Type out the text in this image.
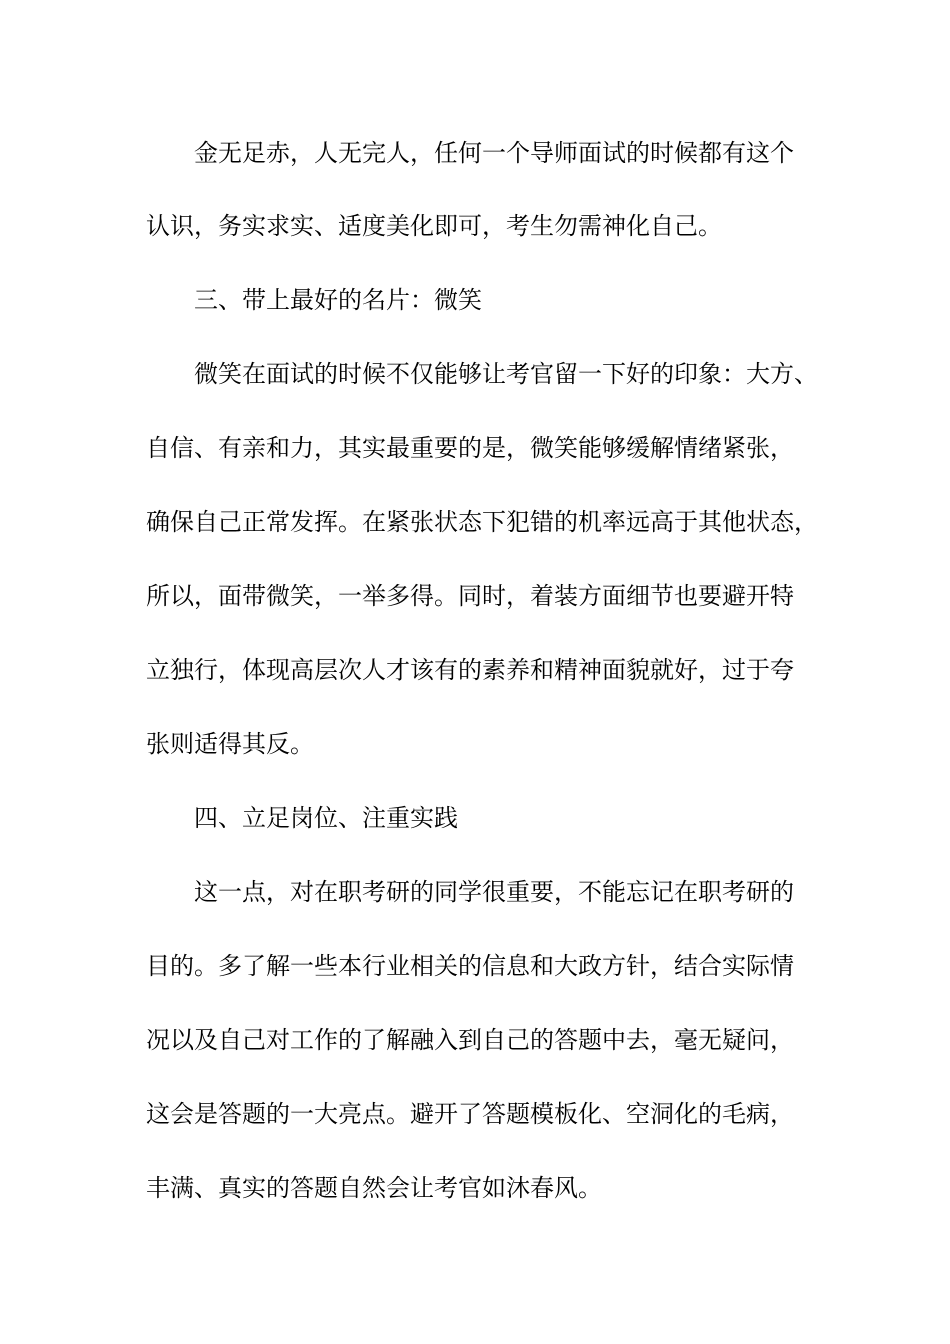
金无足赤，人无完人，任何一个导师面试的时候都有这个

认识，务实求实、适度美化即可，考生勿需神化自己。

三、带上最好的名片：微笑

微笑在面试的时候不仅能够让考官留一下好的印象：大方、

自信、有亲和力，其实最重要的是，微笑能够缓解情绪紧张，

确保自己正常发挥。在紧张状态下犯错的机率远高于其他状态，

所以，面带微笑，一举多得。同时，着装方面细节也要避开特

立独行，体现高层次人才该有的素养和精神面貌就好，过于夸

张则适得其反。

四、立足岗位、注重实践

这一点，对在职考研的同学很重要，不能忘记在职考研的

目的。多了解一些本行业相关的信息和大政方针，结合实际情

况以及自己对工作的了解融入到自己的答题中去，毫无疑问，

这会是答题的一大亮点。避开了答题模板化、空洞化的毛病，

丰满、真实的答题自然会让考官如沐春风。
